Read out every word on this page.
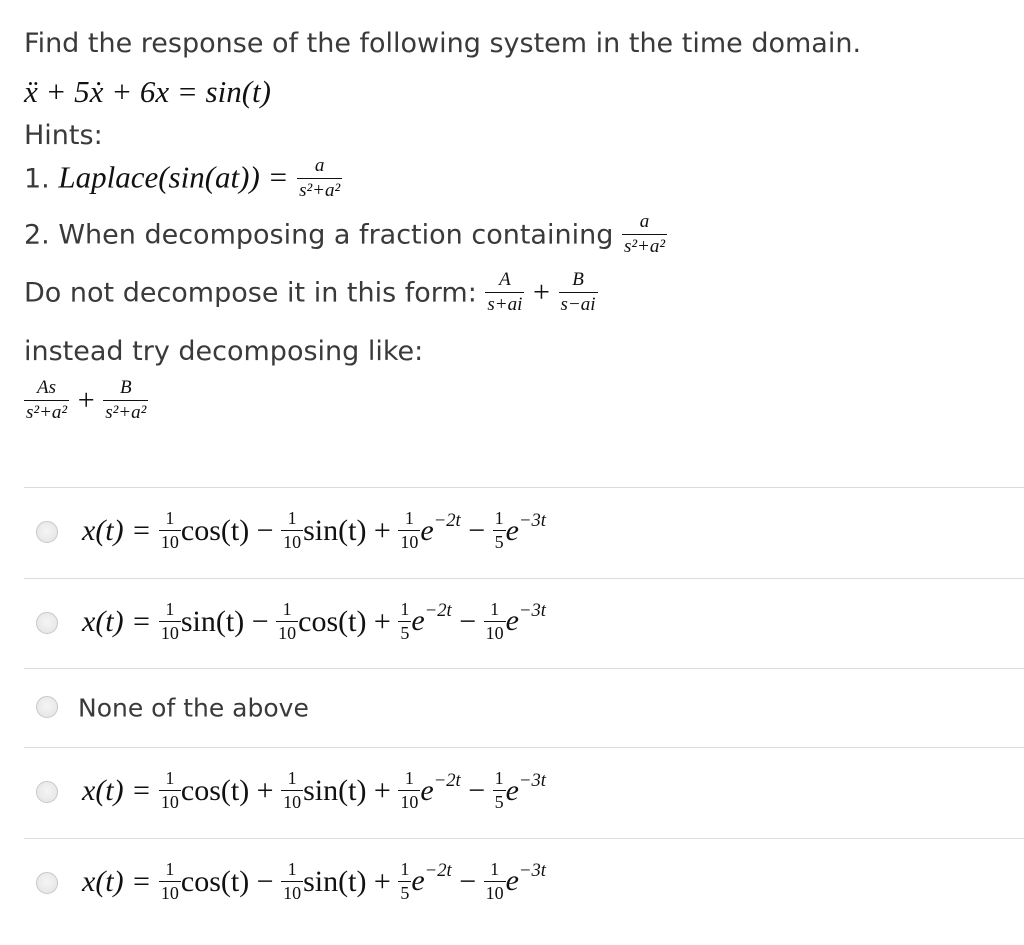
Find the response of the following system in the time domain.
ẍ + 5ẋ + 6x = sin(t)
Hints:
1. Laplace(sin(at)) = $\frac{a}{\text{s²+a²}}$
2. When decomposing a fraction containing $\frac{a}{\text{s²+a²}}$
Do not decompose it in this form: $\frac{A}{s+ai} + \frac{B}{s-ai}$
instead try decomposing like:
$\frac{As}{\text{s²+a²}} + \frac{B}{\text{s²+a²}}$
$x(t) = \frac{1}{10} \cos(t) - \frac{1}{10} \sin(t) + \frac{1}{10} e^{-2t} - \frac{1}{5} e^{-3t}$
$x(t) = \frac{1}{10} \sin(t) - \frac{1}{10} \cos(t) + \frac{1}{5} e^{-2t} - \frac{1}{10} e^{-3t}$
None of the above
$x(t) = \frac{1}{10} \cos(t) + \frac{1}{10} \sin(t) + \frac{1}{10} e^{-2t} - \frac{1}{5} e^{-3t}$
$x(t) = \frac{1}{10} \cos(t) - \frac{1}{10} \sin(t) + \frac{1}{5} e^{-2t} - \frac{1}{10} e^{-3t}$
